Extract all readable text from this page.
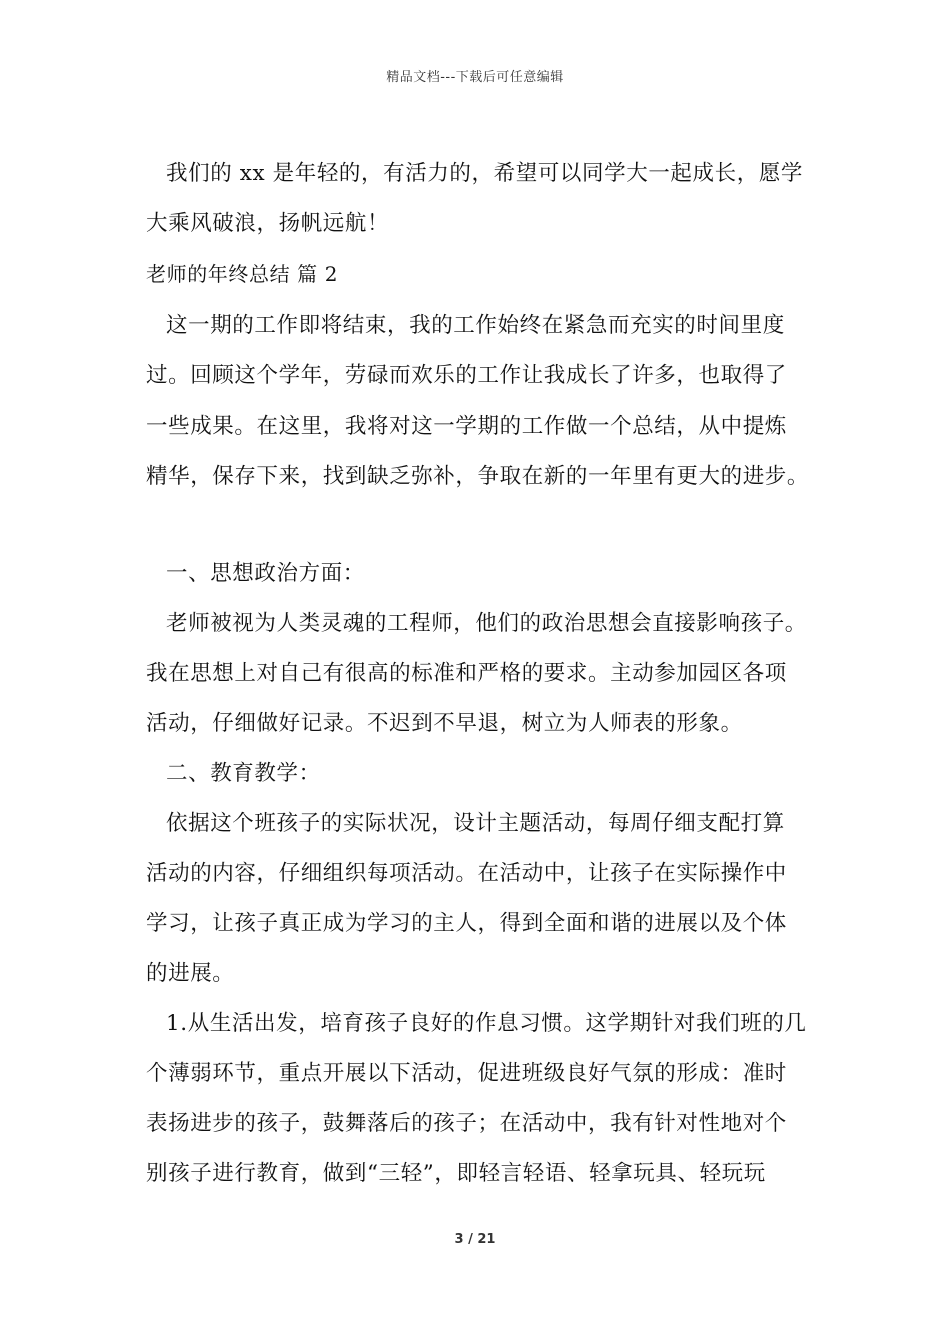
精品文档---下载后可任意编辑
我们的 xx 是年轻的，有活力的，希望可以同学大一起成长，愿学
大乘风破浪，扬帆远航！
老师的年终总结 篇 2
这一期的工作即将结束，我的工作始终在紧急而充实的时间里度
过。回顾这个学年，劳碌而欢乐的工作让我成长了许多，也取得了
一些成果。在这里，我将对这一学期的工作做一个总结，从中提炼
精华，保存下来，找到缺乏弥补，争取在新的一年里有更大的进步。
一、思想政治方面：
老师被视为人类灵魂的工程师，他们的政治思想会直接影响孩子。
我在思想上对自己有很高的标准和严格的要求。主动参加园区各项
活动，仔细做好记录。不迟到不早退，树立为人师表的形象。
二、教育教学：
依据这个班孩子的实际状况，设计主题活动，每周仔细支配打算
活动的内容，仔细组织每项活动。在活动中，让孩子在实际操作中
学习，让孩子真正成为学习的主人，得到全面和谐的进展以及个体
的进展。
1.从生活出发，培育孩子良好的作息习惯。这学期针对我们班的几
个薄弱环节，重点开展以下活动，促进班级良好气氛的形成：准时
表扬进步的孩子，鼓舞落后的孩子；在活动中，我有针对性地对个
别孩子进行教育，做到“三轻”，即轻言轻语、轻拿玩具、轻玩玩
3 / 21
